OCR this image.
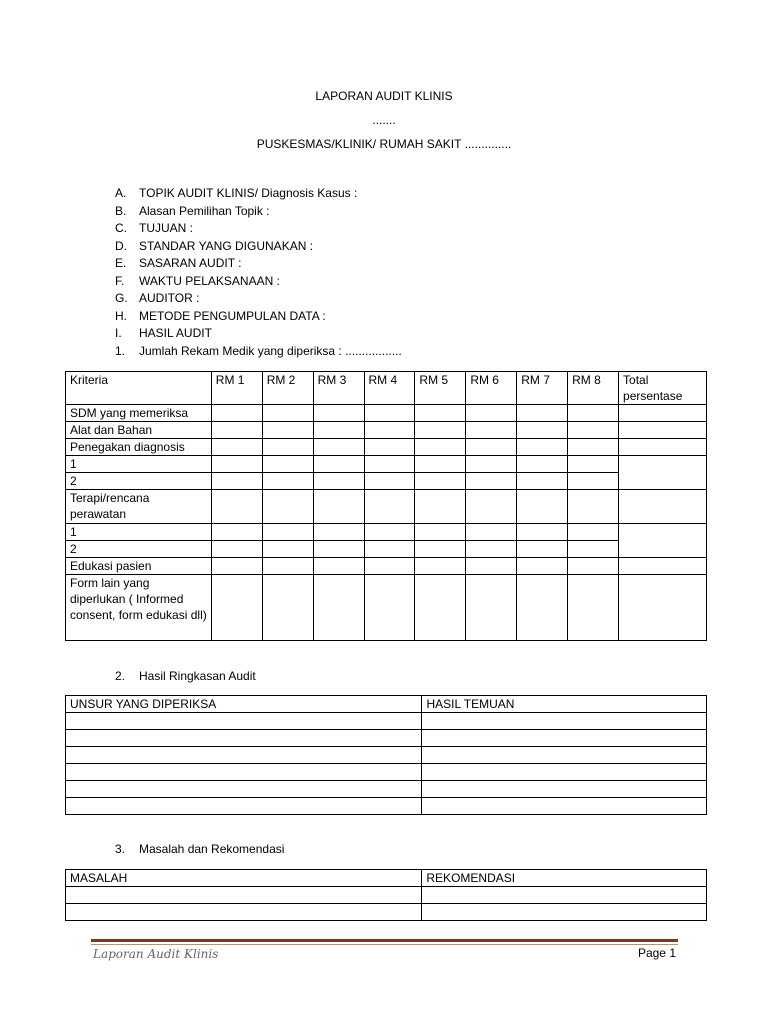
LAPORAN AUDIT KLINIS
.......
PUSKESMAS/KLINIK/ RUMAH SAKIT ..............
A.	TOPIK AUDIT KLINIS/ Diagnosis Kasus :
B.	Alasan Pemilihan Topik :
C.	TUJUAN :
D.	STANDAR YANG DIGUNAKAN :
E.	SASARAN AUDIT :
F.	WAKTU PELAKSANAAN :
G. AUDITOR :
H.	METODE PENGUMPULAN DATA :
I.	HASIL AUDIT
1.	Jumlah Rekam Medik yang diperiksa : .................
Kriteria	RM 1	RM 2	RM 3	RM 4	RM 5	RM 6	RM 7	RM 8	Total persentase
SDM yang memeriksa									
Alat dan Bahan									
Penegakan diagnosis									
1									
2									
Terapi/rencana perawatan									
1									
2									
Edukasi pasien									
Form lain yang diperlukan ( Informed consent, form edukasi dll)									
2.	Hasil Ringkasan Audit
UNSUR YANG DIPERIKSA	HASIL TEMUAN

3.	Masalah dan Rekomendasi
MASALAH	REKOMENDASI

Laporan Audit Klinis	Page 1
